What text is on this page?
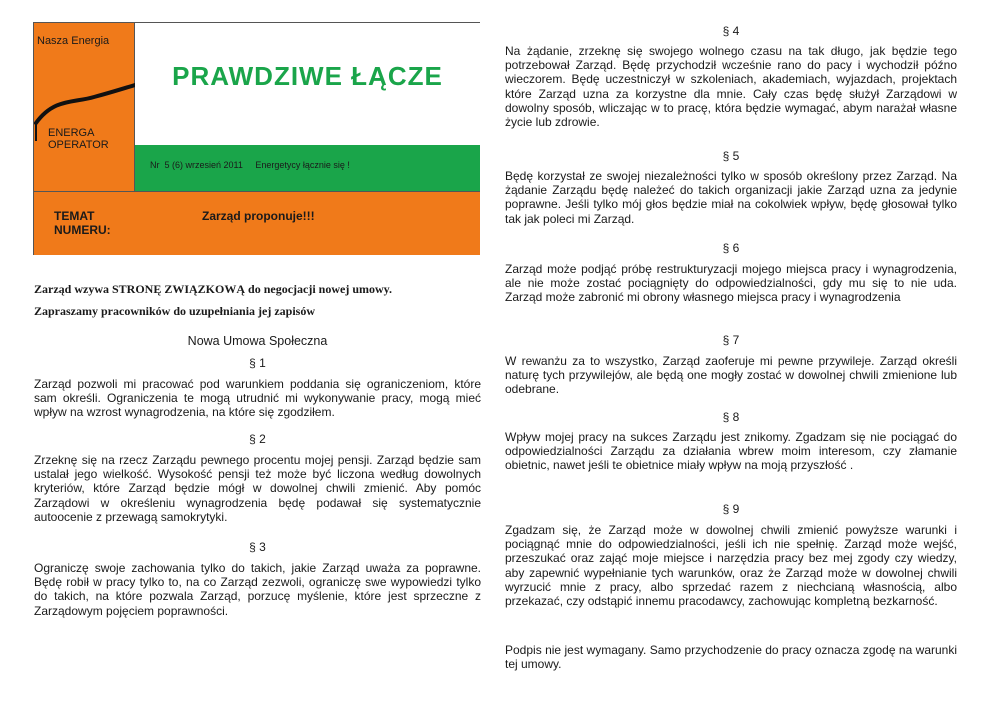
Nasza Energia
ENERGA
OPERATOR
PRAWDZIWE ŁĄCZE
Nr  5 (6) wrzesień 2011     Energetycy łącznie się !
TEMAT
NUMERU:
Zarząd proponuje!!!
Zarząd wzywa STRONĘ ZWIĄZKOWĄ do negocjacji nowej umowy.
Zapraszamy pracowników do uzupełniania jej zapisów
Nowa Umowa Społeczna
§ 1
Zarząd pozwoli mi pracować pod warunkiem poddania się ograniczeniom, które sam określi. Ograniczenia te mogą utrudnić mi wykonywanie pracy, mogą mieć wpływ na wzrost wynagrodzenia, na które się zgodziłem.
§ 2
Zrzeknę się na rzecz Zarządu pewnego procentu mojej pensji. Zarząd będzie sam ustalał jego wielkość. Wysokość pensji też może być liczona według dowolnych kryteriów, które Zarząd będzie mógł w dowolnej chwili zmienić. Aby pomóc Zarządowi w określeniu wynagrodzenia będę podawał się systematycznie autoocenie z przewagą samokrytyki.
§ 3
Ograniczę swoje zachowania tylko do takich, jakie Zarząd uważa za poprawne. Będę robił w pracy tylko to, na co Zarząd zezwoli, ograniczę swe wypowiedzi tylko do takich, na które pozwala Zarząd, porzucę myślenie, które jest sprzeczne z Zarządowym pojęciem poprawności.
§ 4
Na żądanie, zrzeknę się swojego wolnego czasu na tak długo, jak będzie tego potrzebował Zarząd. Będę przychodził wcześnie rano do pacy i wychodził późno wieczorem. Będę uczestniczył w szkoleniach, akademiach, wyjazdach, projektach które Zarząd uzna za korzystne dla mnie. Cały czas będę służył Zarządowi w dowolny sposób, wliczając w to pracę, która będzie wymagać, abym narażał własne życie lub zdrowie.
§ 5
Będę korzystał ze swojej niezależności tylko w sposób określony przez Zarząd. Na żądanie Zarządu będę należeć do takich organizacji jakie Zarząd uzna za jedynie poprawne. Jeśli tylko mój głos będzie miał na cokolwiek wpływ, będę głosował tylko tak jak poleci mi Zarząd.
§ 6
Zarząd może podjąć próbę restrukturyzacji mojego miejsca pracy i wynagrodzenia, ale nie może zostać pociągnięty do odpowiedzialności, gdy mu się to nie uda. Zarząd może zabronić mi obrony własnego miejsca pracy i wynagrodzenia
§ 7
W rewanżu za to wszystko, Zarząd zaoferuje mi pewne przywileje. Zarząd określi naturę tych przywilejów, ale będą one mogły zostać w dowolnej chwili zmienione lub odebrane.
§ 8
Wpływ mojej pracy na sukces Zarządu jest znikomy. Zgadzam się nie pociągać do odpowiedzialności Zarządu za działania wbrew moim interesom, czy złamanie obietnic, nawet jeśli te obietnice miały wpływ na moją przyszłość .
§ 9
Zgadzam się, że Zarząd może w dowolnej chwili zmienić powyższe warunki i pociągnąć mnie do odpowiedzialności, jeśli ich nie spełnię. Zarząd może wejść, przeszukać oraz zająć moje miejsce i narzędzia pracy bez mej zgody czy wiedzy, aby zapewnić wypełnianie tych warunków, oraz że Zarząd może w dowolnej chwili wyrzucić mnie z pracy, albo sprzedać razem z niechcianą własnością, albo przekazać, czy odstąpić innemu pracodawcy, zachowując kompletną bezkarność.
Podpis nie jest wymagany. Samo przychodzenie do pracy oznacza zgodę na warunki tej umowy.
